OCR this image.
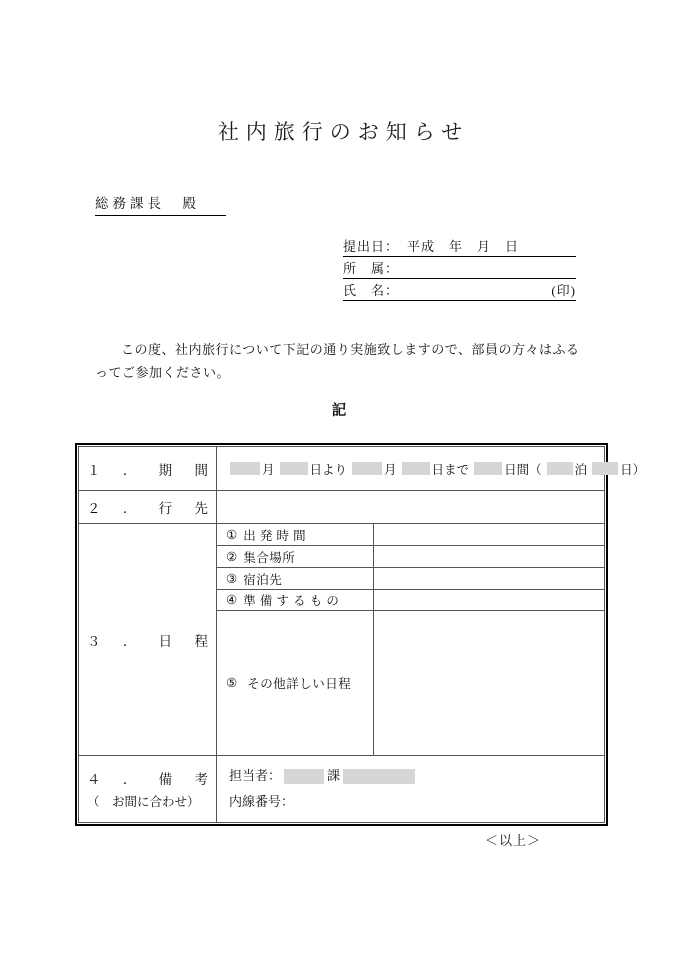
社内旅行のお知らせ
総務課長　殿
提出日： 平成　年　月　日
所　属：
氏　名：	(印)
この度、社内旅行について下記の通り実施致しますので、部員の方々はふるってご参加ください。
記
１ ． 期 間	月	日より	月	日まで	日間（	泊	日）
２ ． 行 先
３ ． 日 程
① 出 発 時 間
② 集合場所
③ 宿泊先
④ 準 備 す る も の
⑤ その他詳しい日程
４ ． 備 考
（　お間に合わせ）
担当者：	課
内線番号：
＜以上＞
